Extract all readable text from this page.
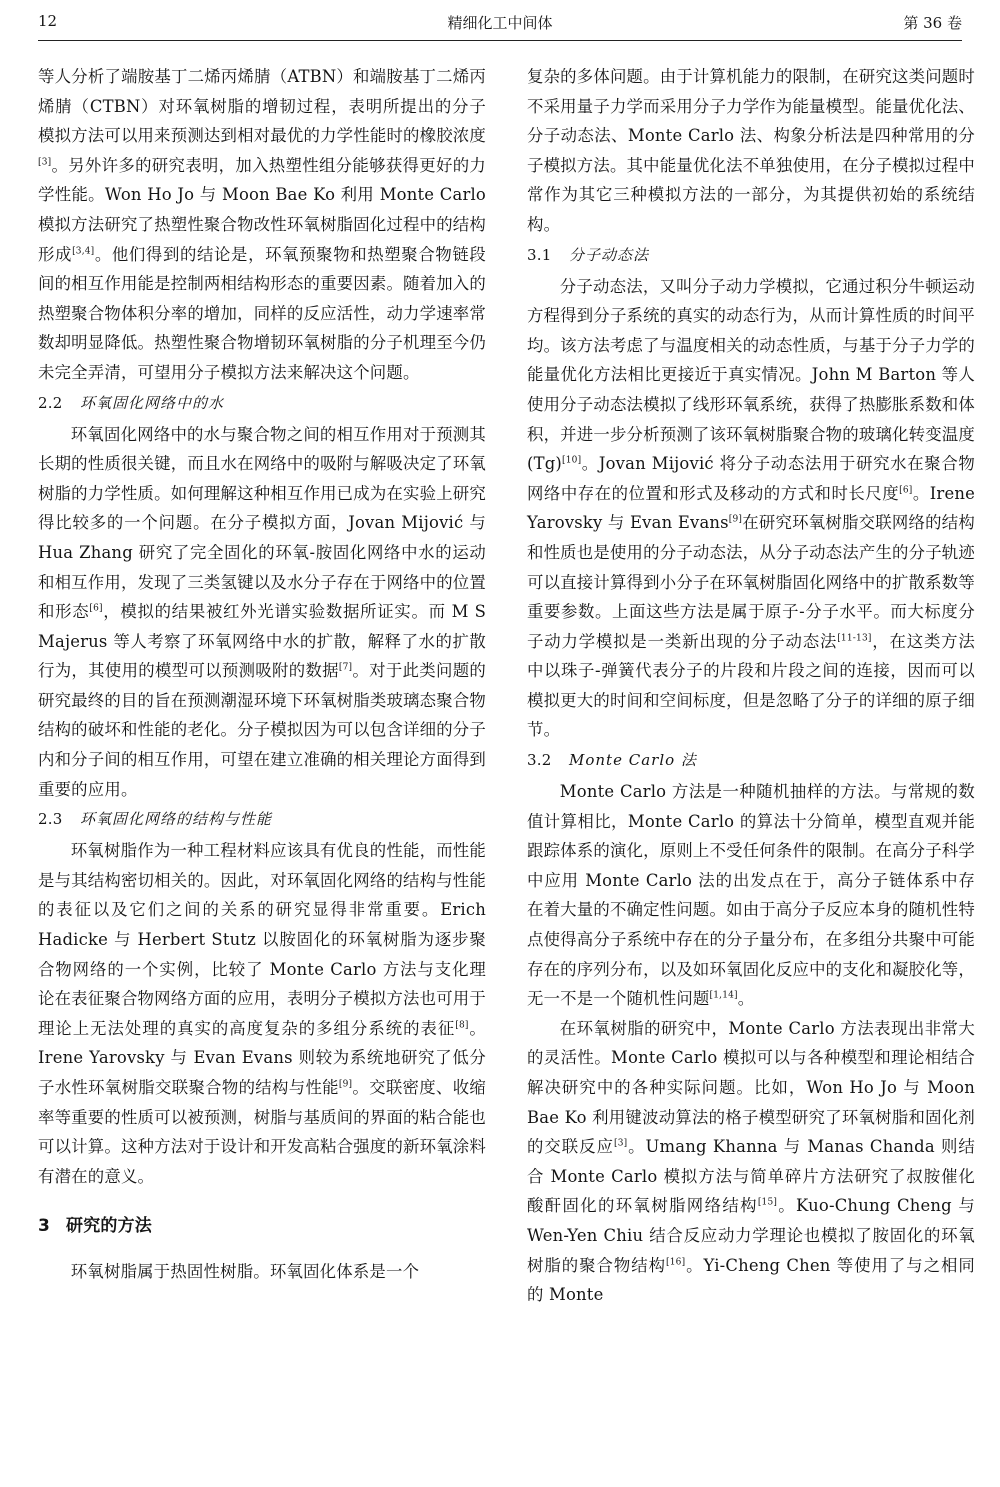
12	精细化工中间体	第 36 卷

等人分析了端胺基丁二烯丙烯腈（ATBN）和端胺基丁二烯丙烯腈（CTBN）对环氧树脂的增韧过程，表明所提出的分子模拟方法可以用来预测达到相对最优的力学性能时的橡胶浓度[3]。另外许多的研究表明，加入热塑性组分能够获得更好的力学性能。Won Ho Jo 与 Moon Bae Ko 利用 Monte Carlo 模拟方法研究了热塑性聚合物改性环氧树脂固化过程中的结构形成[3,4]。他们得到的结论是，环氧预聚物和热塑聚合物链段间的相互作用能是控制两相结构形态的重要因素。随着加入的热塑聚合物体积分率的增加，同样的反应活性，动力学速率常数却明显降低。热塑性聚合物增韧环氧树脂的分子机理至今仍未完全弄清，可望用分子模拟方法来解决这个问题。

2.2 环氧固化网络中的水

环氧固化网络中的水与聚合物之间的相互作用对于预测其长期的性质很关键，而且水在网络中的吸附与解吸决定了环氧树脂的力学性质。如何理解这种相互作用已成为在实验上研究得比较多的一个问题。在分子模拟方面，Jovan Mijović 与 Hua Zhang 研究了完全固化的环氧-胺固化网络中水的运动和相互作用，发现了三类氢键以及水分子存在于网络中的位置和形态[6]，模拟的结果被红外光谱实验数据所证实。而 M S Majerus 等人考察了环氧网络中水的扩散，解释了水的扩散行为，其使用的模型可以预测吸附的数据[7]。对于此类问题的研究最终的目的旨在预测潮湿环境下环氧树脂类玻璃态聚合物结构的破坏和性能的老化。分子模拟因为可以包含详细的分子内和分子间的相互作用，可望在建立准确的相关理论方面得到重要的应用。

2.3 环氧固化网络的结构与性能

环氧树脂作为一种工程材料应该具有优良的性能，而性能是与其结构密切相关的。因此，对环氧固化网络的结构与性能的表征以及它们之间的关系的研究显得非常重要。Erich Hadicke 与 Herbert Stutz 以胺固化的环氧树脂为逐步聚合物网络的一个实例，比较了 Monte Carlo 方法与支化理论在表征聚合物网络方面的应用，表明分子模拟方法也可用于理论上无法处理的真实的高度复杂的多组分系统的表征[8]。Irene Yarovsky 与 Evan Evans 则较为系统地研究了低分子水性环氧树脂交联聚合物的结构与性能[9]。交联密度、收缩率等重要的性质可以被预测，树脂与基质间的界面的粘合能也可以计算。这种方法对于设计和开发高粘合强度的新环氧涂料有潜在的意义。

3 研究的方法

环氧树脂属于热固性树脂。环氧固化体系是一个

复杂的多体问题。由于计算机能力的限制，在研究这类问题时不采用量子力学而采用分子力学作为能量模型。能量优化法、分子动态法、Monte Carlo 法、构象分析法是四种常用的分子模拟方法。其中能量优化法不单独使用，在分子模拟过程中常作为其它三种模拟方法的一部分，为其提供初始的系统结构。

3.1 分子动态法

分子动态法，又叫分子动力学模拟，它通过积分牛顿运动方程得到分子系统的真实的动态行为，从而计算性质的时间平均。该方法考虑了与温度相关的动态性质，与基于分子力学的能量优化方法相比更接近于真实情况。John M Barton 等人使用分子动态法模拟了线形环氧系统，获得了热膨胀系数和体积，并进一步分析预测了该环氧树脂聚合物的玻璃化转变温度(Tg)[10]。Jovan Mijović 将分子动态法用于研究水在聚合物网络中存在的位置和形式及移动的方式和时长尺度[6]。Irene Yarovsky 与 Evan Evans[9]在研究环氧树脂交联网络的结构和性质也是使用的分子动态法，从分子动态法产生的分子轨迹可以直接计算得到小分子在环氧树脂固化网络中的扩散系数等重要参数。上面这些方法是属于原子-分子水平。而大标度分子动力学模拟是一类新出现的分子动态法[11-13]，在这类方法中以珠子-弹簧代表分子的片段和片段之间的连接，因而可以模拟更大的时间和空间标度，但是忽略了分子的详细的原子细节。

3.2 Monte Carlo 法

Monte Carlo 方法是一种随机抽样的方法。与常规的数值计算相比，Monte Carlo 的算法十分简单，模型直观并能跟踪体系的演化，原则上不受任何条件的限制。在高分子科学中应用 Monte Carlo 法的出发点在于，高分子链体系中存在着大量的不确定性问题。如由于高分子反应本身的随机性特点使得高分子系统中存在的分子量分布，在多组分共聚中可能存在的序列分布，以及如环氧固化反应中的支化和凝胶化等，无一不是一个随机性问题[1,14]。

在环氧树脂的研究中，Monte Carlo 方法表现出非常大的灵活性。Monte Carlo 模拟可以与各种模型和理论相结合解决研究中的各种实际问题。比如，Won Ho Jo 与 Moon Bae Ko 利用键波动算法的格子模型研究了环氧树脂和固化剂的交联反应[3]。Umang Khanna 与 Manas Chanda 则结合 Monte Carlo 模拟方法与简单碎片方法研究了叔胺催化酸酐固化的环氧树脂网络结构[15]。Kuo-Chung Cheng 与 Wen-Yen Chiu 结合反应动力学理论也模拟了胺固化的环氧树脂的聚合物结构[16]。Yi-Cheng Chen 等使用了与之相同的 Monte
